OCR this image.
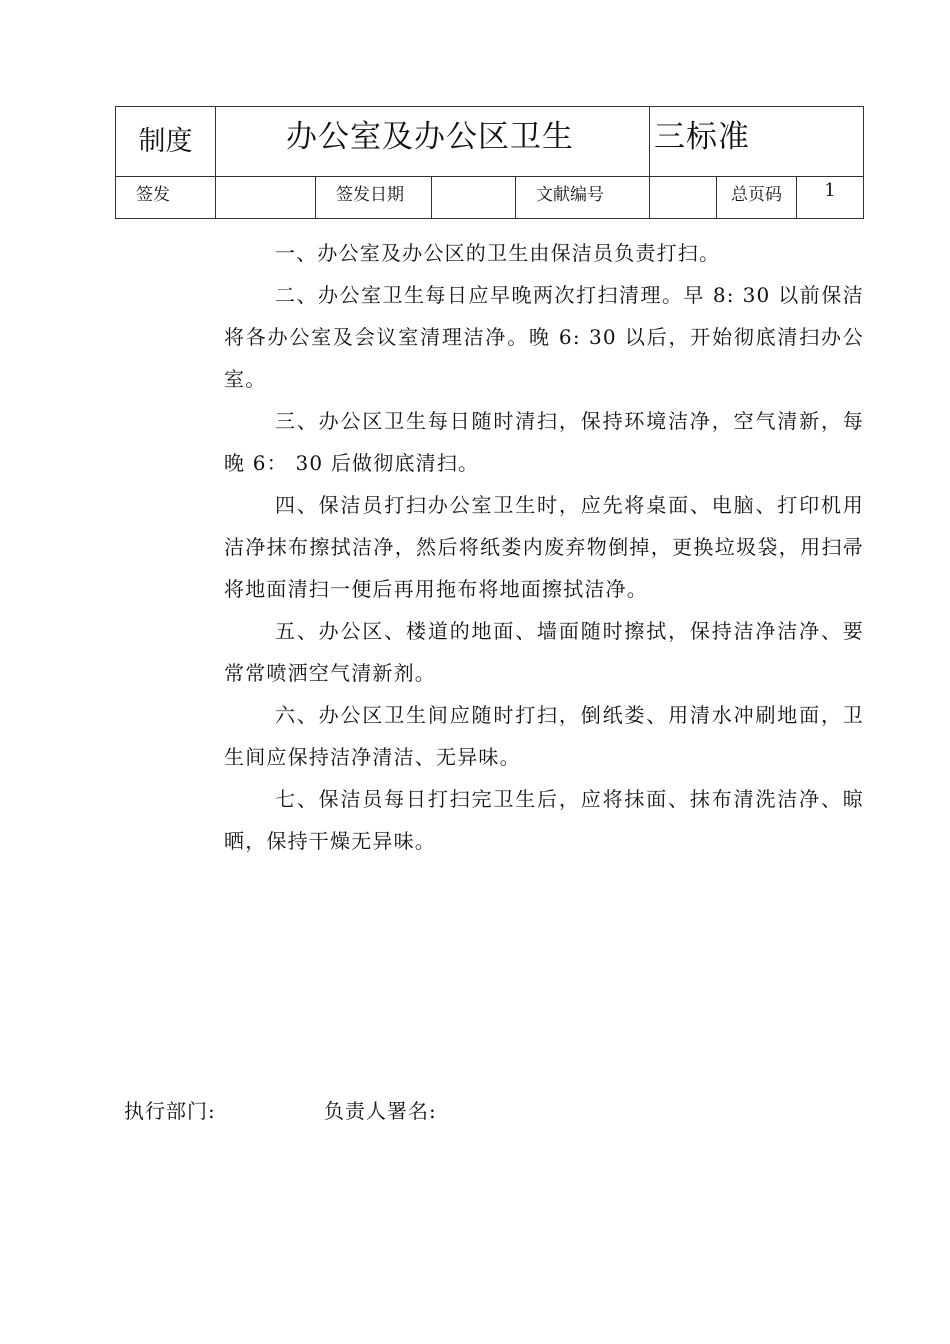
制度	办公室及办公区卫生				三标准		
签发		签发日期		文献编号		总页码	1

一、办公室及办公区的卫生由保洁员负责打扫。

二、办公室卫生每日应早晚两次打扫清理。早 8: 30 以前保洁将各办公室及会议室清理洁净。晚 6: 30 以后，开始彻底清扫办公室。

三、办公区卫生每日随时清扫，保持环境洁净，空气清新，每晚 6： 30 后做彻底清扫。

四、保洁员打扫办公室卫生时，应先将桌面、电脑、打印机用洁净抹布擦拭洁净，然后将纸娄内废弃物倒掉，更换垃圾袋，用扫帚将地面清扫一便后再用拖布将地面擦拭洁净。

五、办公区、楼道的地面、墙面随时擦拭，保持洁净洁净、要常常喷洒空气清新剂。

六、办公区卫生间应随时打扫，倒纸娄、用清水冲刷地面，卫生间应保持洁净清洁、无异味。

七、保洁员每日打扫完卫生后，应将抹面、抹布清洗洁净、晾晒，保持干燥无异味。

执行部门:	负责人署名:
